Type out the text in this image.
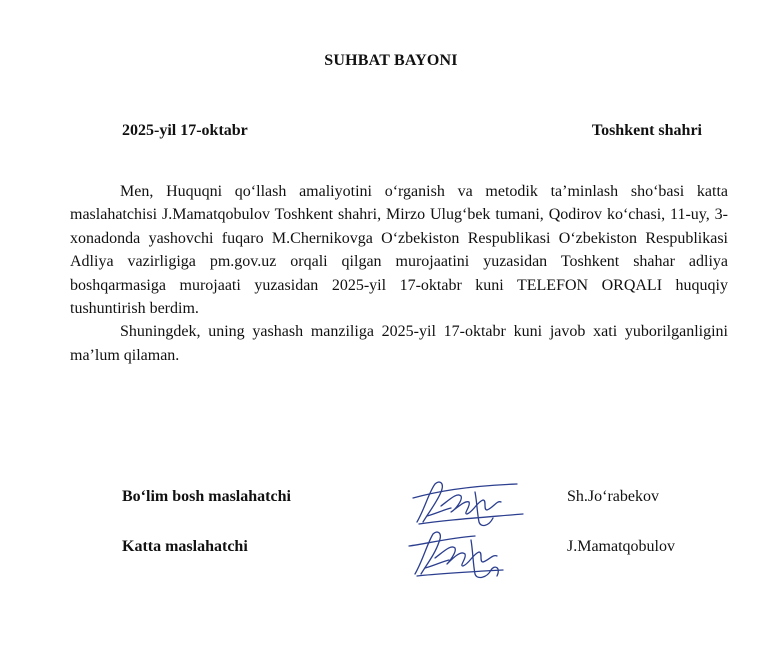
SUHBAT BAYONI
2025-yil 17-oktabr	Toshkent shahri

Men, Huquqni qo‘llash amaliyotini o‘rganish va metodik ta’minlash sho‘basi katta maslahatchisi J.Mamatqobulov Toshkent shahri, Mirzo Ulug‘bek tumani, Qodirov ko‘chasi, 11-uy, 3-xonadonda yashovchi fuqaro M.Chernikovga O‘zbekiston Respublikasi O‘zbekiston Respublikasi Adliya vazirligiga pm.gov.uz orqali qilgan murojaatini yuzasidan Toshkent shahar adliya boshqarmasiga murojaati yuzasidan 2025-yil 17-oktabr kuni TELEFON ORQALI huquqiy tushuntirish berdim.

Shuningdek, uning yashash manziliga 2025-yil 17-oktabr kuni javob xati yuborilganligini ma’lum qilaman.

Bo‘lim bosh maslahatchi	Sh.Jo‘rabekov
Katta maslahatchi	J.Mamatqobulov
